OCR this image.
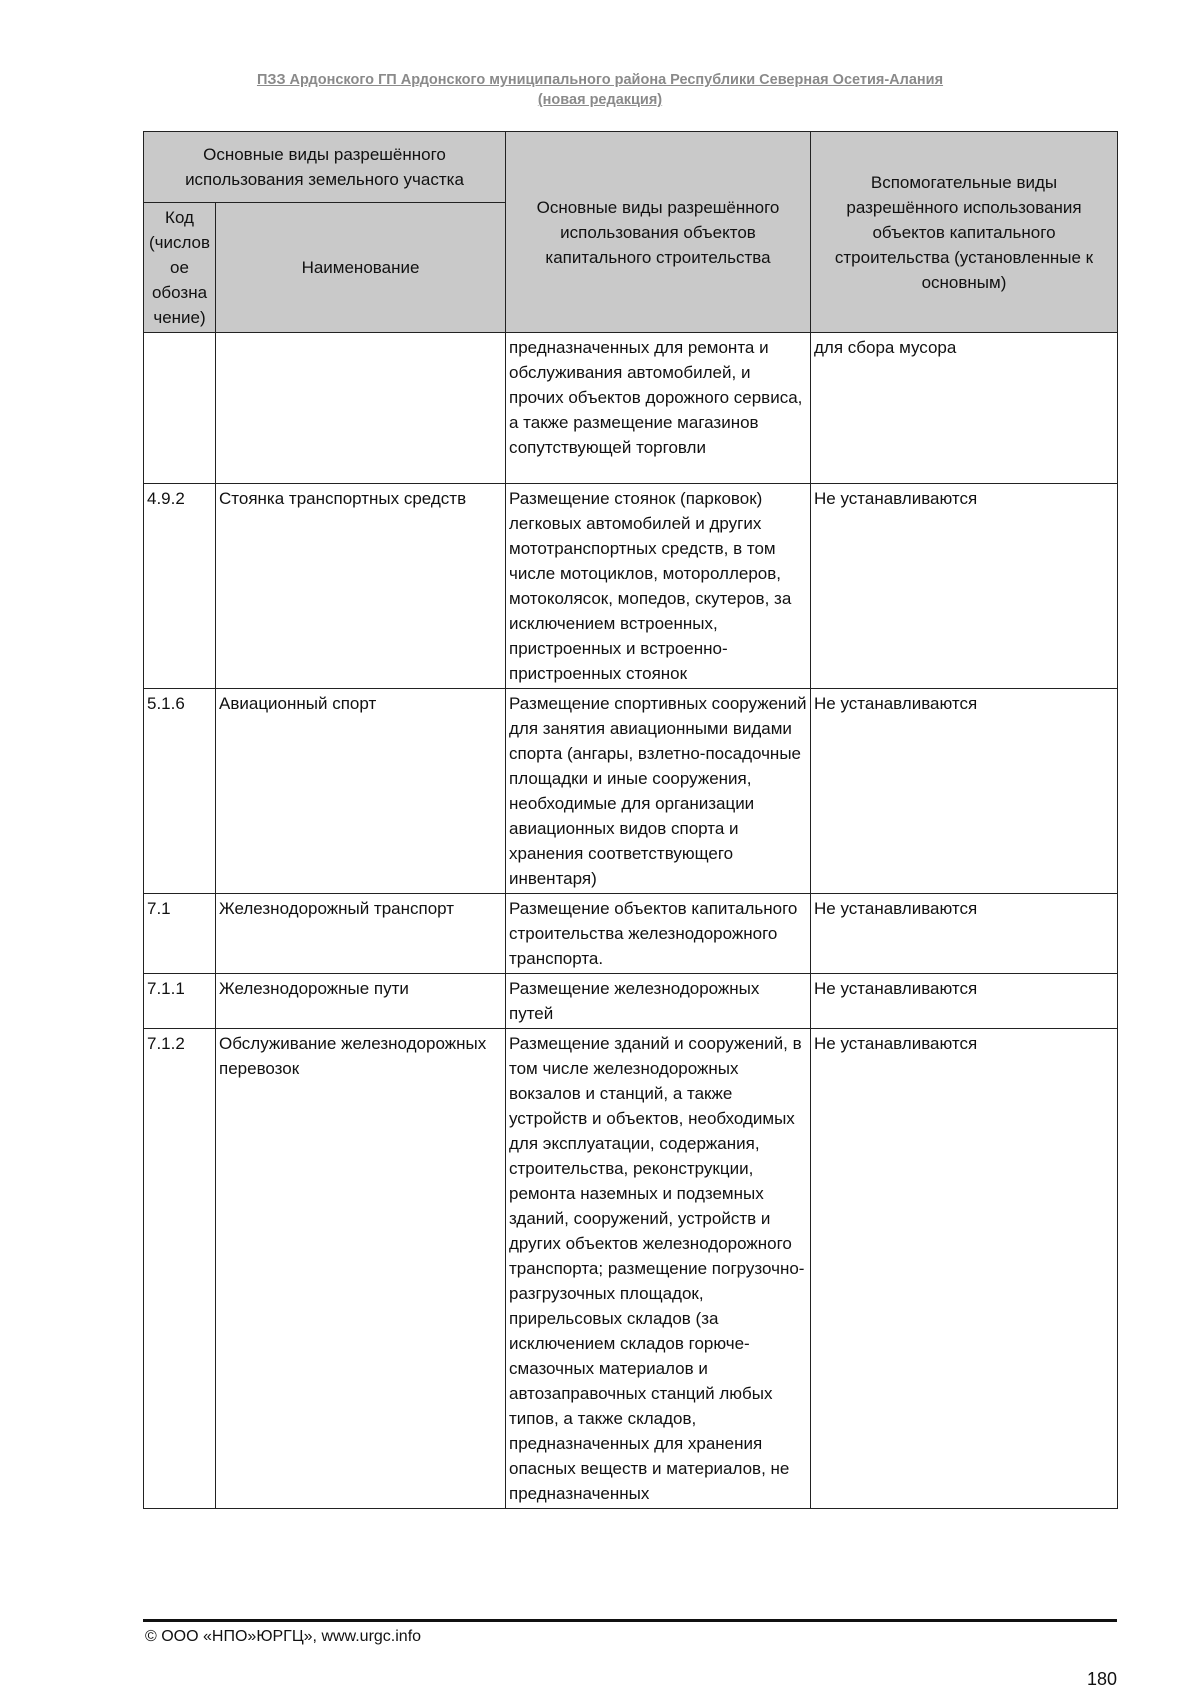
ПЗЗ Ардонского ГП Ардонского муниципального района Республики Северная Осетия-Алания
(новая редакция)
Основные виды разрешённого использования земельного участка		Основные виды разрешённого использования объектов капитального строительства	Вспомогательные виды разрешённого использования объектов капитального строительства (установленные к основным)
Код (числов ое обозна чение)	Наименование		
		предназначенных для ремонта и обслуживания автомобилей, и прочих объектов дорожного сервиса, а также размещение магазинов сопутствующей торговли	для сбора мусора
4.9.2	Стоянка транспортных средств	Размещение стоянок (парковок) легковых автомобилей и других мототранспортных средств, в том числе мотоциклов, мотороллеров, мотоколясок, мопедов, скутеров, за исключением встроенных, пристроенных и встроенно-пристроенных стоянок	Не устанавливаются
5.1.6	Авиационный спорт	Размещение спортивных сооружений для занятия авиационными видами спорта (ангары, взлетно-посадочные площадки и иные сооружения, необходимые для организации авиационных видов спорта и хранения соответствующего инвентаря)	Не устанавливаются
7.1	Железнодорожный транспорт	Размещение объектов капитального строительства железнодорожного транспорта.	Не устанавливаются
7.1.1	Железнодорожные пути	Размещение железнодорожных путей	Не устанавливаются
7.1.2	Обслуживание железнодорожных перевозок	Размещение зданий и сооружений, в том числе железнодорожных вокзалов и станций, а также устройств и объектов, необходимых для эксплуатации, содержания, строительства, реконструкции, ремонта наземных и подземных зданий, сооружений, устройств и других объектов железнодорожного транспорта; размещение погрузочно-разгрузочных площадок, прирельсовых складов (за исключением складов горюче-смазочных материалов и автозаправочных станций любых типов, а также складов, предназначенных для хранения опасных веществ и материалов, не предназначенных	Не устанавливаются
© ООО «НПО»ЮРГЦ», www.urgc.info
180
